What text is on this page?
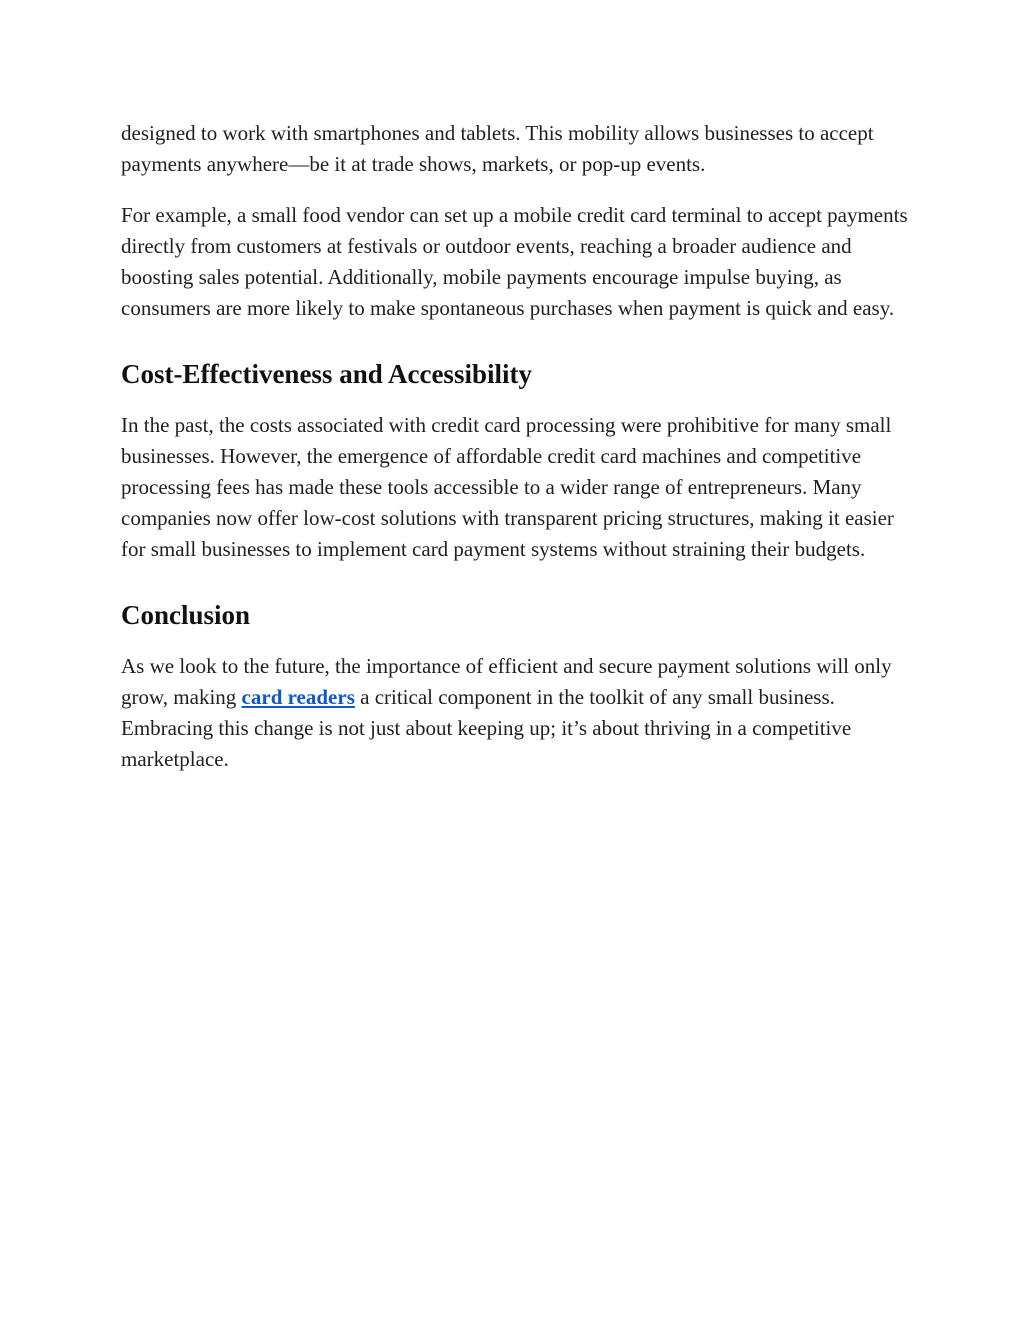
designed to work with smartphones and tablets. This mobility allows businesses to accept payments anywhere—be it at trade shows, markets, or pop-up events.

For example, a small food vendor can set up a mobile credit card terminal to accept payments directly from customers at festivals or outdoor events, reaching a broader audience and boosting sales potential. Additionally, mobile payments encourage impulse buying, as consumers are more likely to make spontaneous purchases when payment is quick and easy.

Cost-Effectiveness and Accessibility

In the past, the costs associated with credit card processing were prohibitive for many small businesses. However, the emergence of affordable credit card machines and competitive processing fees has made these tools accessible to a wider range of entrepreneurs. Many companies now offer low-cost solutions with transparent pricing structures, making it easier for small businesses to implement card payment systems without straining their budgets.

Conclusion

As we look to the future, the importance of efficient and secure payment solutions will only grow, making card readers a critical component in the toolkit of any small business. Embracing this change is not just about keeping up; it’s about thriving in a competitive marketplace.
